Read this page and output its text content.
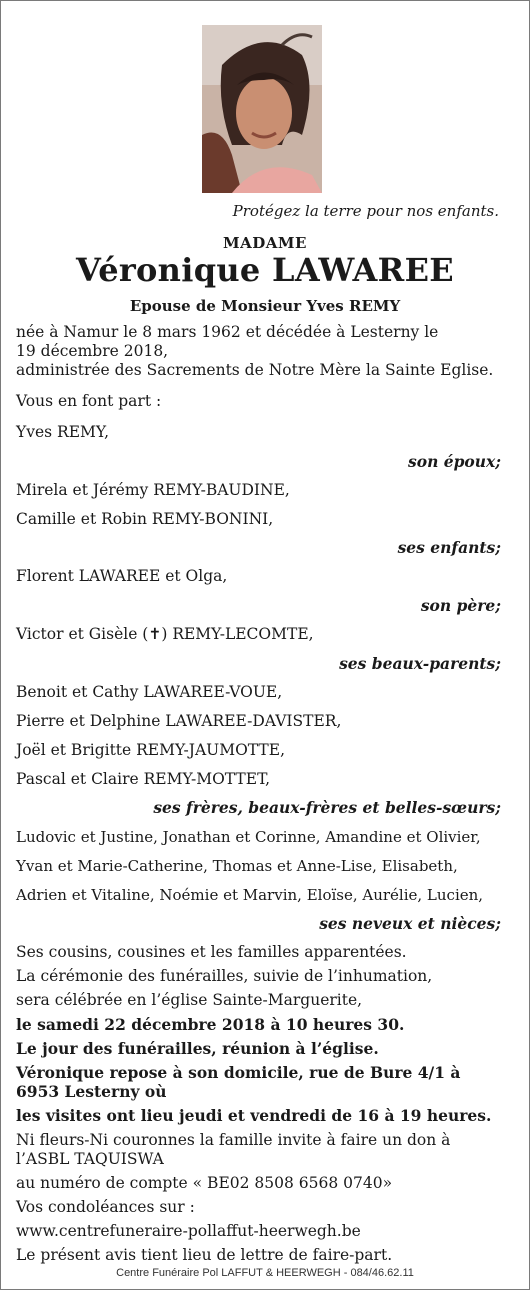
Protégez la terre pour nos enfants.
MADAME
Véronique LAWAREE
Epouse de Monsieur Yves REMY
née à Namur le 8 mars 1962 et décédée à Lesterny le
19 décembre 2018,
administrée des Sacrements de Notre Mère la Sainte Eglise.
Vous en font part :
Yves REMY,
son époux;
Mirela et Jérémy REMY-BAUDINE,
Camille et Robin REMY-BONINI,
ses enfants;
Florent LAWAREE et Olga,
son père;
Victor et Gisèle (✝) REMY-LECOMTE,
ses beaux-parents;
Benoit et Cathy LAWAREE-VOUE,
Pierre et Delphine LAWAREE-DAVISTER,
Joël et Brigitte REMY-JAUMOTTE,
Pascal et Claire REMY-MOTTET,
ses frères, beaux-frères et belles-sœurs;
Ludovic et Justine, Jonathan et Corinne, Amandine et Olivier,
Yvan et Marie-Catherine, Thomas et Anne-Lise, Elisabeth,
Adrien et Vitaline, Noémie et Marvin, Eloïse, Aurélie, Lucien,
ses neveux et nièces;
Ses cousins, cousines et les familles apparentées.
La cérémonie des funérailles, suivie de l’inhumation,
sera célébrée en l’église Sainte-Marguerite,
le samedi 22 décembre 2018 à 10 heures 30.
Le jour des funérailles, réunion à l’église.
Véronique repose à son domicile, rue de Bure 4/1 à
6953 Lesterny où
les visites ont lieu jeudi et vendredi de 16 à 19 heures.
Ni fleurs-Ni couronnes la famille invite à faire un don à
l’ASBL TAQUISWA
au numéro de compte « BE02 8508 6568 0740»
Vos condoléances sur :
www.centrefuneraire-pollaffut-heerwegh.be
Le présent avis tient lieu de lettre de faire-part.
Centre Funéraire Pol LAFFUT & HEERWEGH - 084/46.62.11
